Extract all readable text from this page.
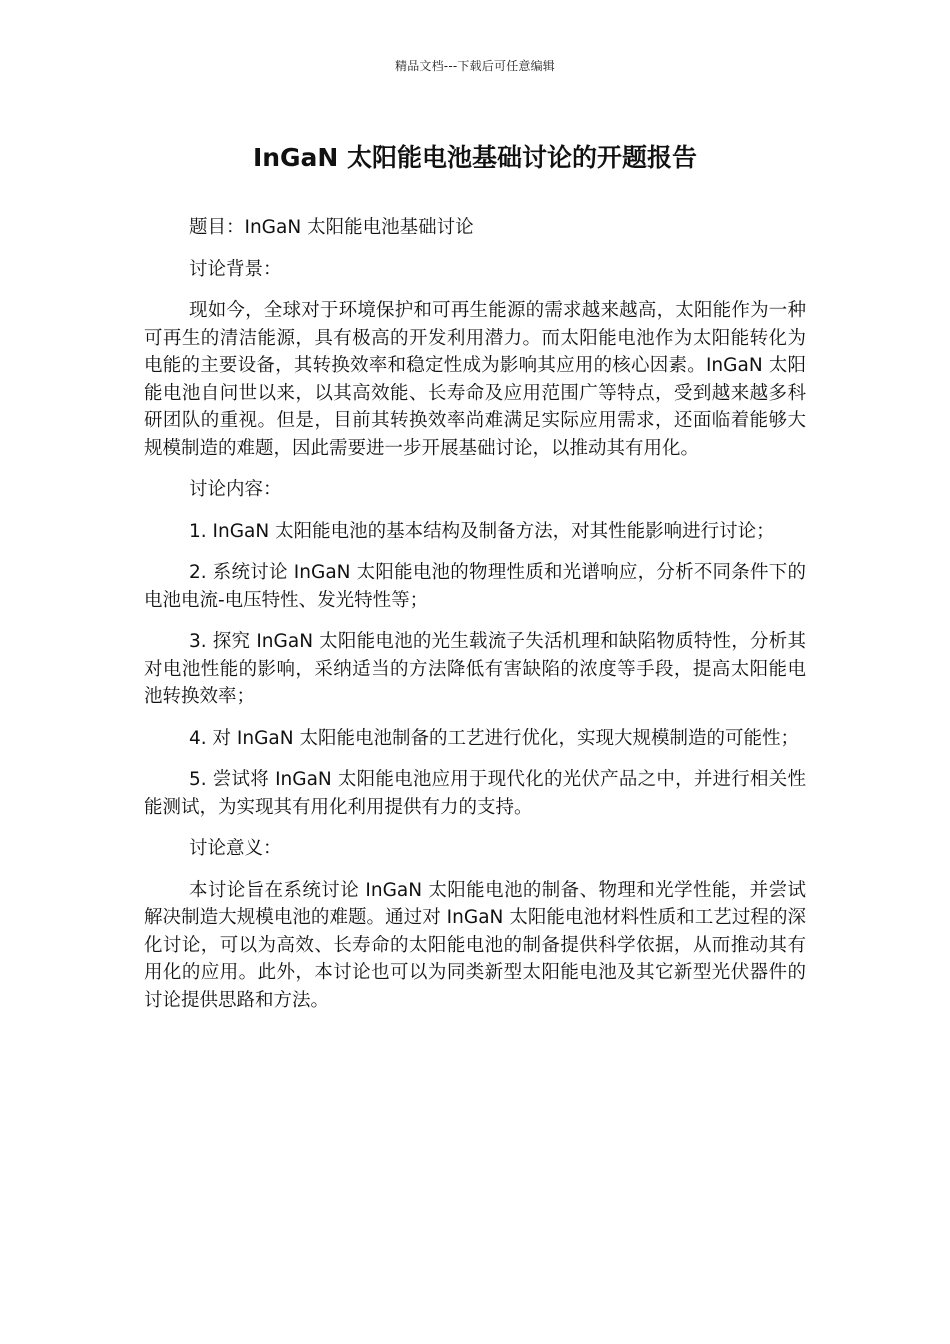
精品文档---下载后可任意编辑
InGaN 太阳能电池基础讨论的开题报告

题目：InGaN 太阳能电池基础讨论

讨论背景：

现如今，全球对于环境保护和可再生能源的需求越来越高，太阳能作为一种可再生的清洁能源，具有极高的开发利用潜力。而太阳能电池作为太阳能转化为电能的主要设备，其转换效率和稳定性成为影响其应用的核心因素。InGaN 太阳能电池自问世以来，以其高效能、长寿命及应用范围广等特点，受到越来越多科研团队的重视。但是，目前其转换效率尚难满足实际应用需求，还面临着能够大规模制造的难题，因此需要进一步开展基础讨论，以推动其有用化。

讨论内容：

1. InGaN 太阳能电池的基本结构及制备方法，对其性能影响进行讨论；

2. 系统讨论 InGaN 太阳能电池的物理性质和光谱响应，分析不同条件下的电池电流-电压特性、发光特性等；

3. 探究 InGaN 太阳能电池的光生载流子失活机理和缺陷物质特性，分析其对电池性能的影响，采纳适当的方法降低有害缺陷的浓度等手段，提高太阳能电池转换效率；

4. 对 InGaN 太阳能电池制备的工艺进行优化，实现大规模制造的可能性；

5. 尝试将 InGaN 太阳能电池应用于现代化的光伏产品之中，并进行相关性能测试，为实现其有用化利用提供有力的支持。

讨论意义：

本讨论旨在系统讨论 InGaN 太阳能电池的制备、物理和光学性能，并尝试解决制造大规模电池的难题。通过对 InGaN 太阳能电池材料性质和工艺过程的深化讨论，可以为高效、长寿命的太阳能电池的制备提供科学依据，从而推动其有用化的应用。此外，本讨论也可以为同类新型太阳能电池及其它新型光伏器件的讨论提供思路和方法。
